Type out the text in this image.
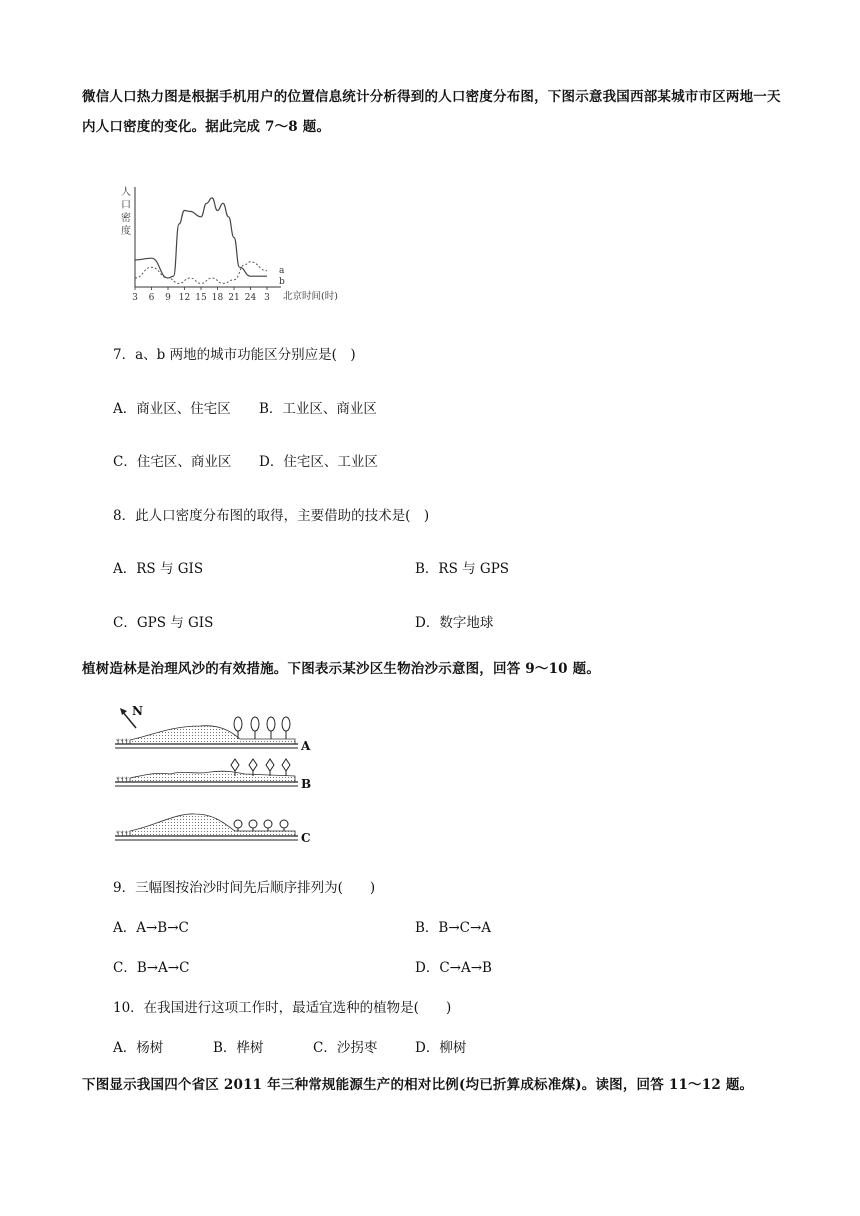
微信人口热力图是根据手机用户的位置信息统计分析得到的人口密度分布图，下图示意我国西部某城市市区两地一天内人口密度的变化。据此完成 7～8 题。

人
口
密
度
3 6 9 12 15 18 21 24 3
a
b
北京时间(时)

7．a、b 两地的城市功能区分别应是(　)

A．商业区、住宅区 B．工业区、商业区

C．住宅区、商业区 D．住宅区、工业区

8．此人口密度分布图的取得，主要借助的技术是(　)

A．RS 与 GIS	B．RS 与 GPS

C．GPS 与 GIS	D．数字地球

植树造林是治理风沙的有效措施。下图表示某沙区生物治沙示意图，回答 9～10 题。

N
ⲯⲯⲯ	A
ⲯⲯⲯ	B
ⲯⲯⲯ	C

9．三幅图按治沙时间先后顺序排列为(　　)

A．A→B→C	B．B→C→A

C．B→A→C	D．C→A→B

10．在我国进行这项工作时，最适宜选种的植物是(　　)

A．杨树	B．桦树	C．沙拐枣	D．柳树

下图显示我国四个省区 2011 年三种常规能源生产的相对比例(均已折算成标准煤)。读图，回答 11～12 题。
